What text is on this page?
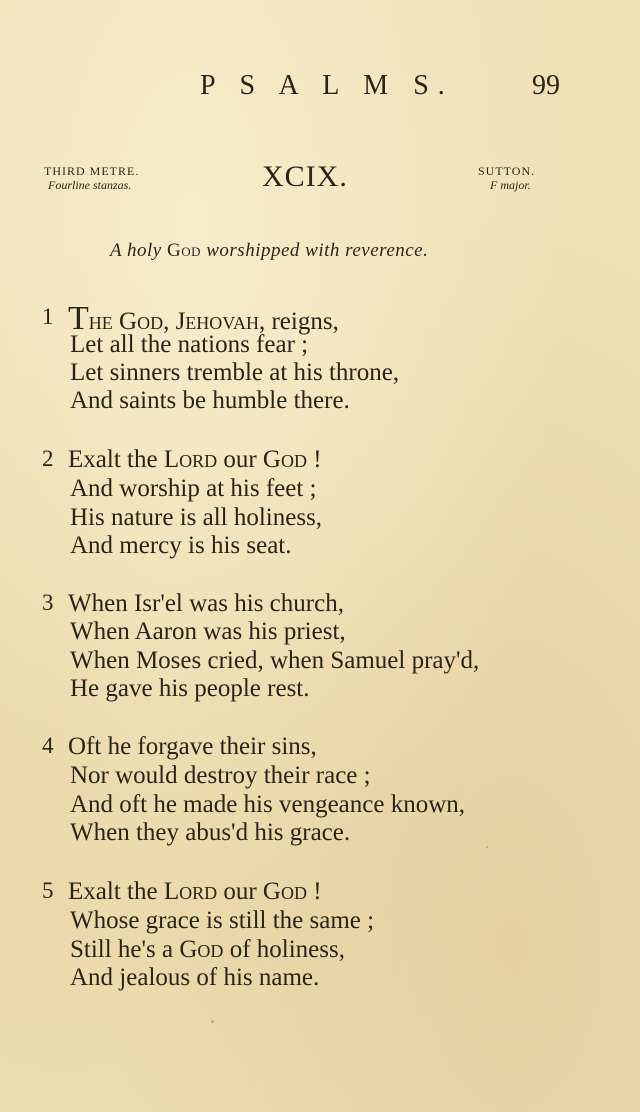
P S A L M S.	99
THIRD METRE.
Fourline stanzas.	XCIX.	SUTTON.
F major.
A holy God worshipped with reverence.
1 The God, Jehovah, reigns,
Let all the nations fear ;
Let sinners tremble at his throne,
And saints be humble there.
2 Exalt the Lord our God !
And worship at his feet ;
His nature is all holiness,
And mercy is his seat.
3 When Isr'el was his church,
When Aaron was his priest,
When Moses cried, when Samuel pray'd,
He gave his people rest.
4 Oft he forgave their sins,
Nor would destroy their race ;
And oft he made his vengeance known,
When they abus'd his grace.
5 Exalt the Lord our God !
Whose grace is still the same ;
Still he's a God of holiness,
And jealous of his name.
